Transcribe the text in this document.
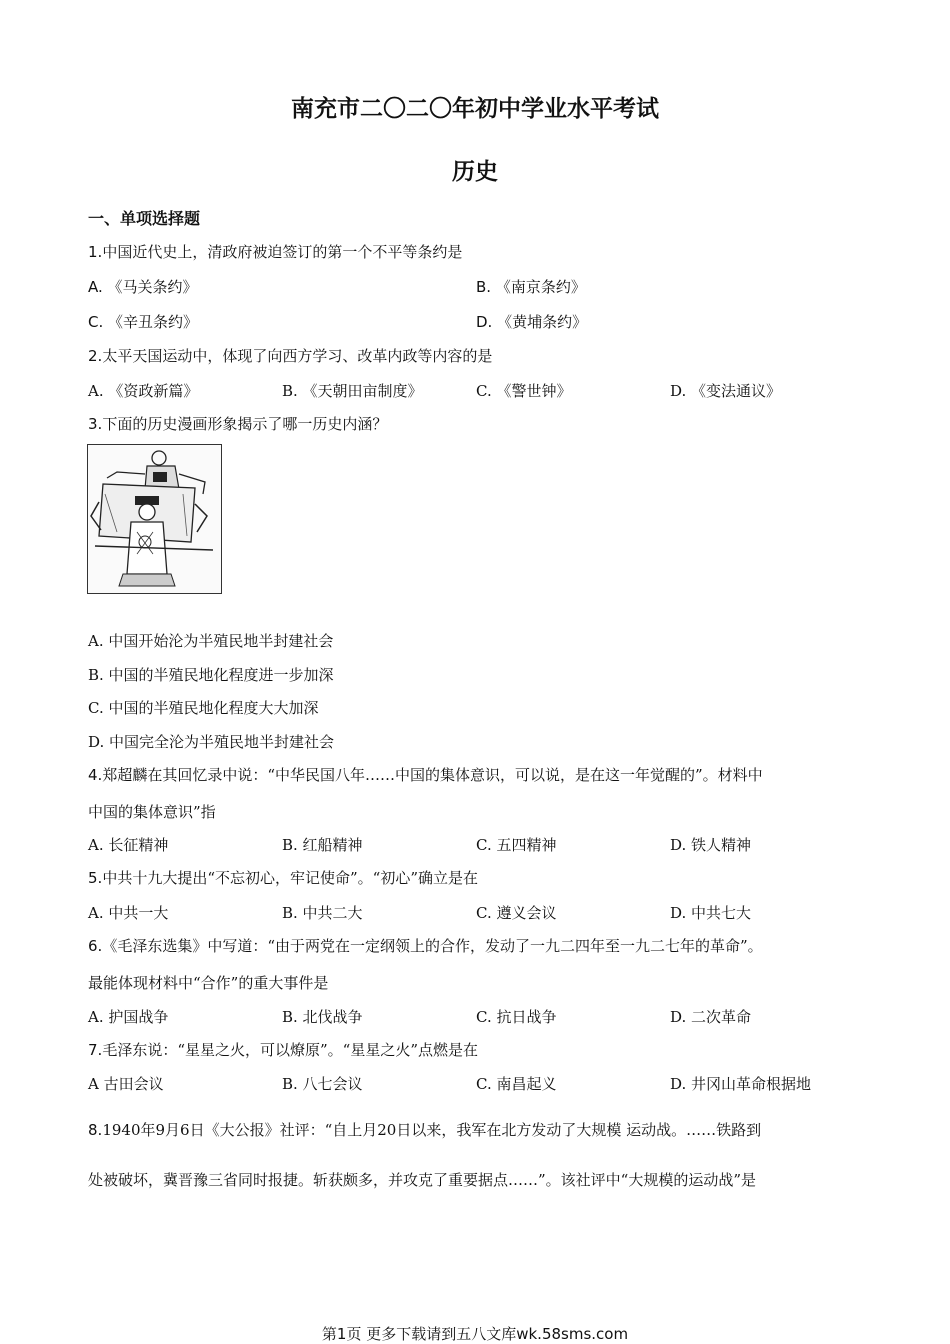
南充市二〇二〇年初中学业水平考试
历史
一、单项选择题
1.中国近代史上，清政府被迫签订的第一个不平等条约是
A. 《马关条约》	B. 《南京条约》
C. 《辛丑条约》	D. 《黄埔条约》
2.太平天国运动中，体现了向西方学习、改革内政等内容的是
A. 《资政新篇》	B. 《天朝田亩制度》	C. 《警世钟》	D. 《变法通议》
3.下面的历史漫画形象揭示了哪一历史内涵？
A. 中国开始沦为半殖民地半封建社会
B. 中国的半殖民地化程度进一步加深
C. 中国的半殖民地化程度大大加深
D. 中国完全沦为半殖民地半封建社会
4.郑超麟在其回忆录中说：“中华民国八年……中国的集体意识，可以说，是在这一年觉醒的”。材料中
中国的集体意识”指
A. 长征精神	B. 红船精神	C. 五四精神	D. 铁人精神
5.中共十九大提出“不忘初心，牢记使命”。“初心”确立是在
A. 中共一大	B. 中共二大	C. 遵义会议	D. 中共七大
6.《毛泽东选集》中写道：“由于两党在一定纲领上的合作，发动了一九二四年至一九二七年的革命”。
最能体现材料中“合作”的重大事件是
A. 护国战争	B. 北伐战争	C. 抗日战争	D. 二次革命
7.毛泽东说：“星星之火，可以燎原”。“星星之火”点燃是在
A 古田会议	B. 八七会议	C. 南昌起义	D. 井冈山革命根据地
8.1940年9月6日《大公报》社评：“自上月20日以来，我军在北方发动了大规模 运动战。……铁路到
处被破坏，冀晋豫三省同时报捷。斩获颇多，并攻克了重要据点……”。该社评中“大规模的运动战”是
第1页 更多下载请到五八文库wk.58sms.com
